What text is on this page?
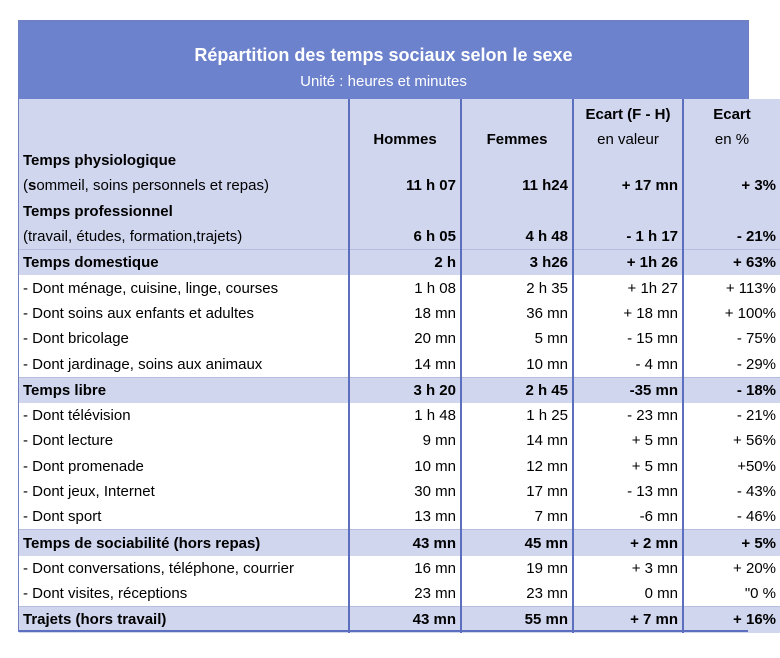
Répartition des temps sociaux selon le sexe
Unité : heures et minutes
			Ecart (F - H)	Ecart
	Hommes	Femmes	en valeur	en %
Temps physiologique				
(sommeil, soins personnels et repas)	11 h 07	11 h24	+ 17 mn	+ 3%
Temps professionnel				
(travail, études, formation,trajets)	6 h 05	4 h 48	- 1 h 17	- 21%
Temps domestique	2 h	3 h26	+ 1h 26	+ 63%
- Dont ménage, cuisine, linge, courses	1 h 08	2 h 35	+ 1h 27	+ 113%
- Dont soins aux enfants et adultes	18 mn	36 mn	+ 18 mn	+ 100%
- Dont bricolage	20 mn	5 mn	- 15 mn	- 75%
- Dont jardinage, soins aux animaux	14 mn	10 mn	- 4 mn	- 29%
Temps libre	3 h 20	2 h 45	-35 mn	- 18%
- Dont télévision	1 h 48	1 h 25	- 23 mn	- 21%
- Dont lecture	9 mn	14 mn	+ 5 mn	+ 56%
- Dont promenade	10 mn	12 mn	+ 5 mn	+50%
- Dont jeux, Internet	30 mn	17 mn	- 13 mn	- 43%
- Dont sport	13 mn	7 mn	-6 mn	- 46%
Temps de sociabilité (hors repas)	43 mn	45 mn	+ 2 mn	+ 5%
- Dont conversations, téléphone, courrier	16 mn	19 mn	+ 3 mn	+ 20%
- Dont visites, réceptions	23 mn	23 mn	0 mn	"0 %
Trajets (hors travail)	43 mn	55 mn	+ 7 mn	+ 16%
